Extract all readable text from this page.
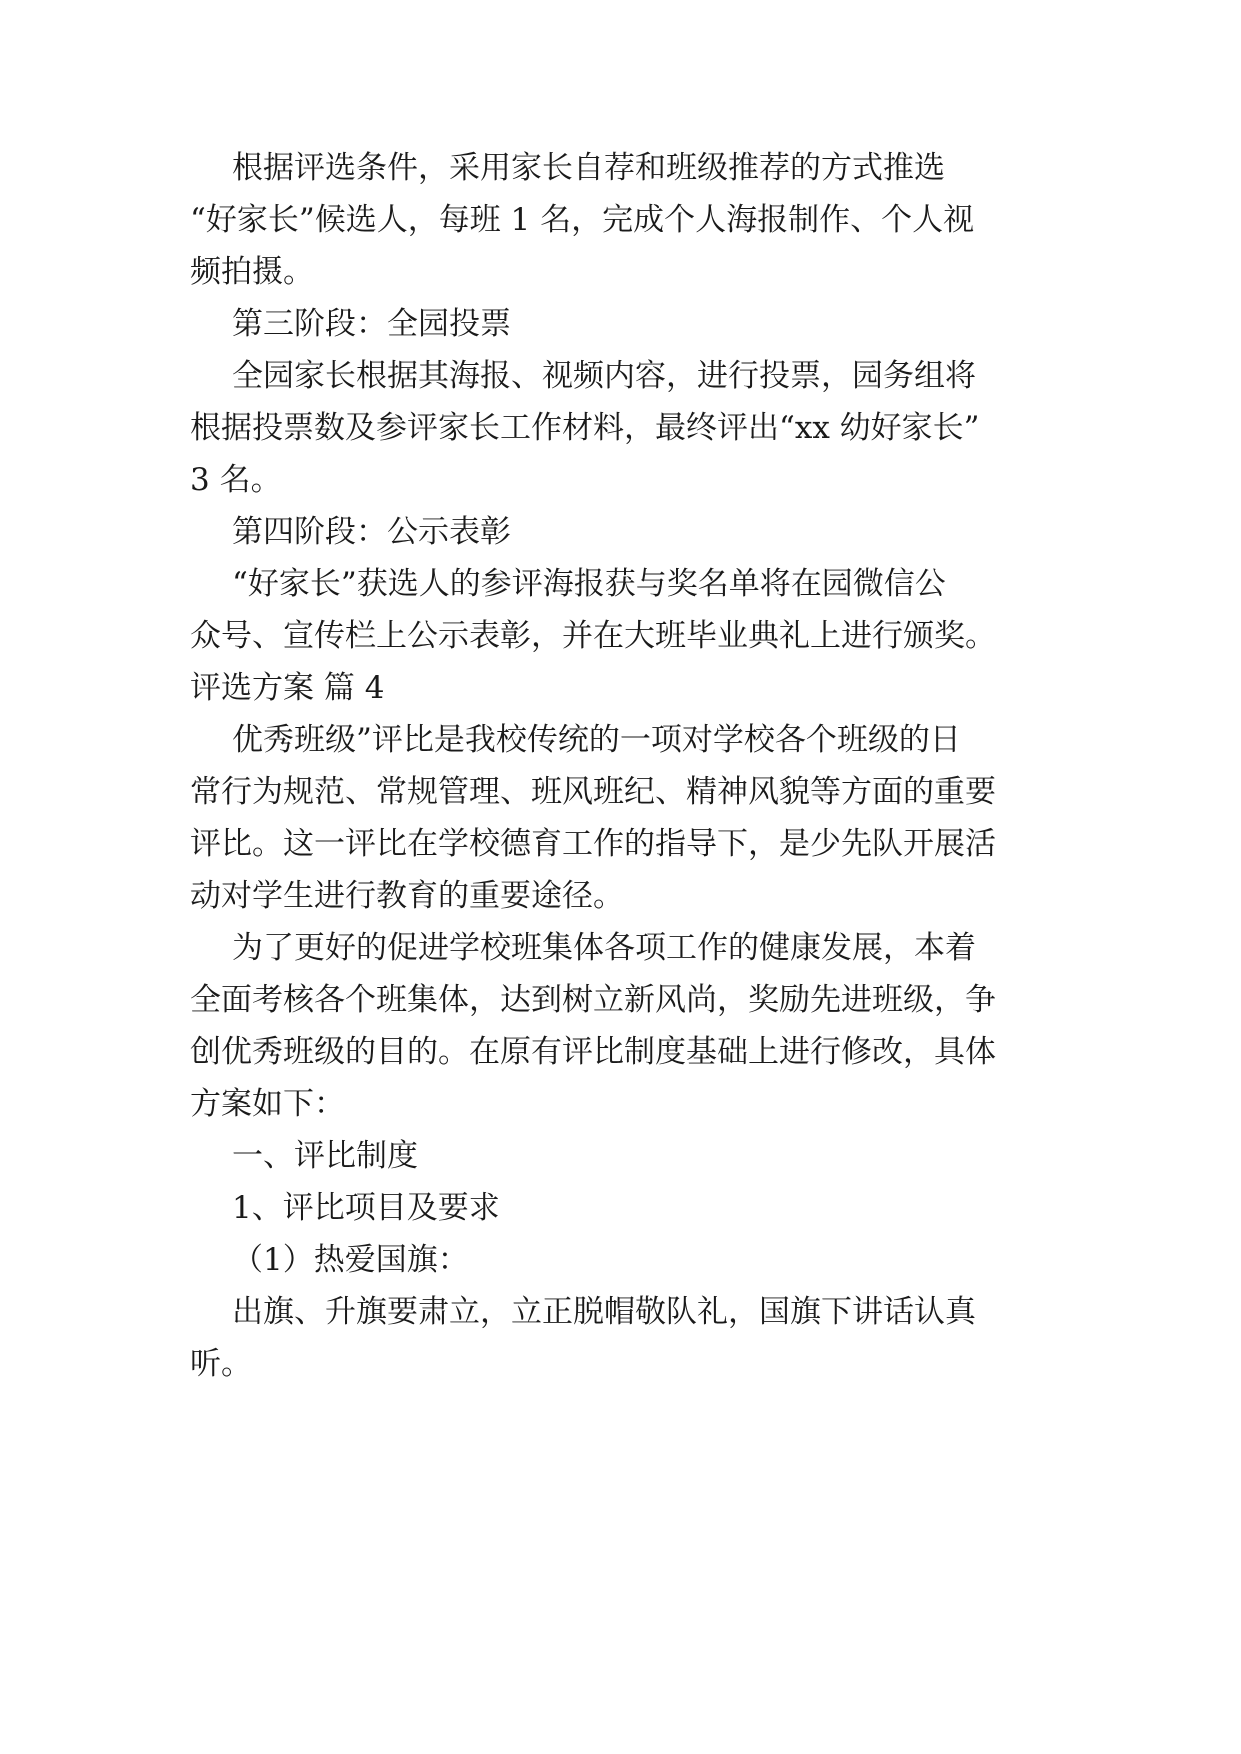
根据评选条件，采用家长自荐和班级推荐的方式推选
“好家长”候选人，每班 1 名，完成个人海报制作、个人视
频拍摄。
第三阶段：全园投票
全园家长根据其海报、视频内容，进行投票，园务组将
根据投票数及参评家长工作材料，最终评出“xx 幼好家长”
3 名。
第四阶段：公示表彰
“好家长”获选人的参评海报获与奖名单将在园微信公
众号、宣传栏上公示表彰，并在大班毕业典礼上进行颁奖。
评选方案 篇 4
优秀班级”评比是我校传统的一项对学校各个班级的日
常行为规范、常规管理、班风班纪、精神风貌等方面的重要
评比。这一评比在学校德育工作的指导下，是少先队开展活
动对学生进行教育的重要途径。
为了更好的促进学校班集体各项工作的健康发展，本着
全面考核各个班集体，达到树立新风尚，奖励先进班级，争
创优秀班级的目的。在原有评比制度基础上进行修改，具体
方案如下：
一、评比制度
1、评比项目及要求
（1）热爱国旗：
出旗、升旗要肃立，立正脱帽敬队礼，国旗下讲话认真
听。
